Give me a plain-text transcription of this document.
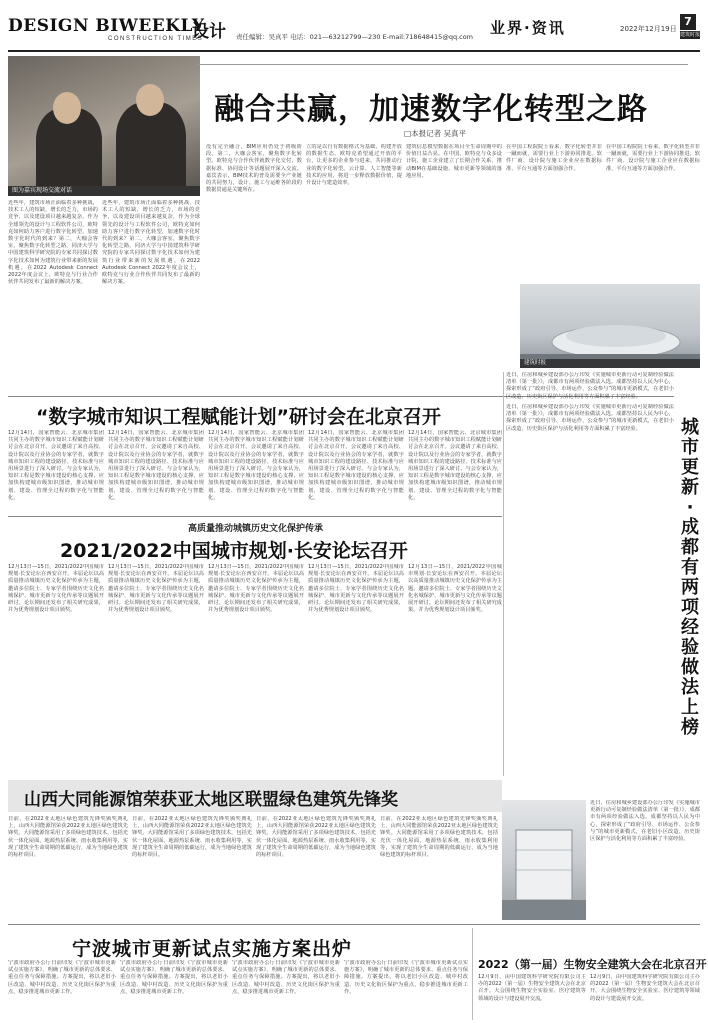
DESIGN BIWEEKLY
CONSTRUCTION TIMES
设计 责任编辑：吴真平 电话：021—63212799—230 E-mail:718648415@qq.com 业界·资讯	2022年12月19日
7
建筑时报
图为嘉宾现场交流对话
融合共赢，加速数字化转型之路
□本报记者 吴真平
近些年，建筑市场正面临着多种挑战，技术工人的短缺，增长的乏力，市场的竞争，以及建设项目越来越复杂，作为全球领先的设计与工程软件公司，欧特克如何助力客户进行数字化转型，加速数字化时代的到来？第二，大咖会客室，聚焦数字化转型之路，同济大学与中国建筑科学研究院的专家共同探讨数字化技术如何为建筑行业带来新的发展机遇。在2022 Autodesk Connect 2022年度会议上，欧特克与行业合作伙伴共同发布了最新的解决方案。
近些年，建筑市场正面临着多种挑战，技术工人的短缺，增长的乏力，市场的竞争，以及建设项目越来越复杂，作为全球领先的设计与工程软件公司，欧特克如何助力客户进行数字化转型，加速数字化时代的到来？第二，大咖会客室，聚焦数字化转型之路，同济大学与中国建筑科学研究院的专家共同探讨数字化技术如何为建筑行业带来新的发展机遇。在2022 Autodesk Connect 2022年度会议上，欧特克与行业合作伙伴共同发布了最新的解决方案。
没有完全融合，BIM应用仍处于初级阶段。第二，大咖会客室，聚焦数字化转型。欧特克与合作伙伴就数字化交付、数据标准、协同设计等话题展开深入交流。嘉宾表示，BIM技术的普及需要全产业链的共同努力，设计、施工与运维各阶段的数据贯通是关键所在。
立的是以自有数据格式为基础，构建开放的数据生态。欧特克希望通过开放的平台，让更多的企业参与进来，共同推动行业的数字化转型。云计算、人工智能等新技术的应用，将进一步释放数据价值，提升设计与建造效率。
建筑信息模型数据在项目全生命周期中的价值日益凸显。在中国，欧特克与众多设计院、施工企业建立了长期合作关系，推动BIM在基础设施、城市更新等领域的落地应用。
在中国工程院院士看来，数字化转型并非一蹴而就，需要行业上下游协同推进。软件厂商、设计院与施工企业应在数据标准、平台互通等方面加强合作。
在中国工程院院士看来，数字化转型并非一蹴而就，需要行业上下游协同推进。软件厂商、设计院与施工企业应在数据标准、平台互通等方面加强合作。
建筑时报
“数字城市知识工程赋能计划”研讨会在北京召开
12月14日，国家智能云、北京城市集团共同主办的数字城市知识工程赋能计划研讨会在北京召开。会议邀请了来自高校、设计院以及行业协会的专家学者，就数字城市知识工程的建设路径、技术标准与应用场景进行了深入研讨。与会专家认为，知识工程是数字城市建设的核心支撑，应加快构建城市级知识图谱，推动城市规划、建设、管理全过程的数字化与智能化。
12月14日，国家智能云、北京城市集团共同主办的数字城市知识工程赋能计划研讨会在北京召开。会议邀请了来自高校、设计院以及行业协会的专家学者，就数字城市知识工程的建设路径、技术标准与应用场景进行了深入研讨。与会专家认为，知识工程是数字城市建设的核心支撑，应加快构建城市级知识图谱，推动城市规划、建设、管理全过程的数字化与智能化。
12月14日，国家智能云、北京城市集团共同主办的数字城市知识工程赋能计划研讨会在北京召开。会议邀请了来自高校、设计院以及行业协会的专家学者，就数字城市知识工程的建设路径、技术标准与应用场景进行了深入研讨。与会专家认为，知识工程是数字城市建设的核心支撑，应加快构建城市级知识图谱，推动城市规划、建设、管理全过程的数字化与智能化。
12月14日，国家智能云、北京城市集团共同主办的数字城市知识工程赋能计划研讨会在北京召开。会议邀请了来自高校、设计院以及行业协会的专家学者，就数字城市知识工程的建设路径、技术标准与应用场景进行了深入研讨。与会专家认为，知识工程是数字城市建设的核心支撑，应加快构建城市级知识图谱，推动城市规划、建设、管理全过程的数字化与智能化。
12月14日，国家智能云、北京城市集团共同主办的数字城市知识工程赋能计划研讨会在北京召开。会议邀请了来自高校、设计院以及行业协会的专家学者，就数字城市知识工程的建设路径、技术标准与应用场景进行了深入研讨。与会专家认为，知识工程是数字城市建设的核心支撑，应加快构建城市级知识图谱，推动城市规划、建设、管理全过程的数字化与智能化。
近日，住房和城乡建设部办公厅印发《实施城市更新行动可复制经验做法清单（第一批）》，成都市有两项经验做法入选。成都坚持以人民为中心，探索形成了“政府引导、市场运作、公众参与”的城市更新模式，在老旧小区改造、历史街区保护与活化利用等方面积累了丰富经验。
近日，住房和城乡建设部办公厅印发《实施城市更新行动可复制经验做法清单（第一批）》，成都市有两项经验做法入选。成都坚持以人民为中心，探索形成了“政府引导、市场运作、公众参与”的城市更新模式，在老旧小区改造、历史街区保护与活化利用等方面积累了丰富经验。	城市更新·成都有两项经验做法上榜
高质量推动城镇历史文化保护传承
2021/2022中国城市规划·长安论坛召开
12月13日—15日，2021/2022中国城市规划·长安论坛在西安召开。本届论坛以高质量推动城镇历史文化保护传承为主题，邀请多位院士、专家学者围绕历史文化名城保护、城市更新与文化传承等议题展开研讨。论坛期间还发布了相关研究成果，并为优秀规划设计项目颁奖。
12月13日—15日，2021/2022中国城市规划·长安论坛在西安召开。本届论坛以高质量推动城镇历史文化保护传承为主题，邀请多位院士、专家学者围绕历史文化名城保护、城市更新与文化传承等议题展开研讨。论坛期间还发布了相关研究成果，并为优秀规划设计项目颁奖。
12月13日—15日，2021/2022中国城市规划·长安论坛在西安召开。本届论坛以高质量推动城镇历史文化保护传承为主题，邀请多位院士、专家学者围绕历史文化名城保护、城市更新与文化传承等议题展开研讨。论坛期间还发布了相关研究成果，并为优秀规划设计项目颁奖。
12月13日—15日，2021/2022中国城市规划·长安论坛在西安召开。本届论坛以高质量推动城镇历史文化保护传承为主题，邀请多位院士、专家学者围绕历史文化名城保护、城市更新与文化传承等议题展开研讨。论坛期间还发布了相关研究成果，并为优秀规划设计项目颁奖。
12月13日—15日，2021/2022中国城市规划·长安论坛在西安召开。本届论坛以高质量推动城镇历史文化保护传承为主题，邀请多位院士、专家学者围绕历史文化名城保护、城市更新与文化传承等议题展开研讨。论坛期间还发布了相关研究成果，并为优秀规划设计项目颁奖。
山西大同能源馆荣获亚太地区联盟绿色建筑先锋奖
日前，在2022亚太地区绿色建筑先锋奖颁奖典礼上，山西大同能源馆荣获2022亚太地区绿色建筑先锋奖。大同能源馆采用了多项绿色建筑技术，包括光伏一体化屋面、地源热泵系统、雨水收集利用等，实现了建筑全生命周期的低碳运行，成为当地绿色建筑的标杆项目。
日前，在2022亚太地区绿色建筑先锋奖颁奖典礼上，山西大同能源馆荣获2022亚太地区绿色建筑先锋奖。大同能源馆采用了多项绿色建筑技术，包括光伏一体化屋面、地源热泵系统、雨水收集利用等，实现了建筑全生命周期的低碳运行，成为当地绿色建筑的标杆项目。
日前，在2022亚太地区绿色建筑先锋奖颁奖典礼上，山西大同能源馆荣获2022亚太地区绿色建筑先锋奖。大同能源馆采用了多项绿色建筑技术，包括光伏一体化屋面、地源热泵系统、雨水收集利用等，实现了建筑全生命周期的低碳运行，成为当地绿色建筑的标杆项目。
日前，在2022亚太地区绿色建筑先锋奖颁奖典礼上，山西大同能源馆荣获2022亚太地区绿色建筑先锋奖。大同能源馆采用了多项绿色建筑技术，包括光伏一体化屋面、地源热泵系统、雨水收集利用等，实现了建筑全生命周期的低碳运行，成为当地绿色建筑的标杆项目。
近日，住房和城乡建设部办公厅印发《实施城市更新行动可复制经验做法清单（第一批）》，成都市有两项经验做法入选。成都坚持以人民为中心，探索形成了“政府引导、市场运作、公众参与”的城市更新模式，在老旧小区改造、历史街区保护与活化利用等方面积累了丰富经验。
宁波城市更新试点实施方案出炉
宁波市政府办公厅日前印发《宁波市城市更新试点实施方案》，明确了城市更新的总体要求、重点任务与保障措施。方案提出，将以老旧小区改造、城中村改造、历史文化街区保护为重点，稳步推进城市更新工作。
宁波市政府办公厅日前印发《宁波市城市更新试点实施方案》，明确了城市更新的总体要求、重点任务与保障措施。方案提出，将以老旧小区改造、城中村改造、历史文化街区保护为重点，稳步推进城市更新工作。
宁波市政府办公厅日前印发《宁波市城市更新试点实施方案》，明确了城市更新的总体要求、重点任务与保障措施。方案提出，将以老旧小区改造、城中村改造、历史文化街区保护为重点，稳步推进城市更新工作。
宁波市政府办公厅日前印发《宁波市城市更新试点实施方案》，明确了城市更新的总体要求、重点任务与保障措施。方案提出，将以老旧小区改造、城中村改造、历史文化街区保护为重点，稳步推进城市更新工作。
2022（第一届）生物安全建筑大会在北京召开
12月9日，由中国建筑科学研究院有限公司主办的2022（第一届）生物安全建筑大会在北京召开。大会围绕生物安全实验室、医疗建筑等领域的设计与建设展开交流。
12月9日，由中国建筑科学研究院有限公司主办的2022（第一届）生物安全建筑大会在北京召开。大会围绕生物安全实验室、医疗建筑等领域的设计与建设展开交流。
